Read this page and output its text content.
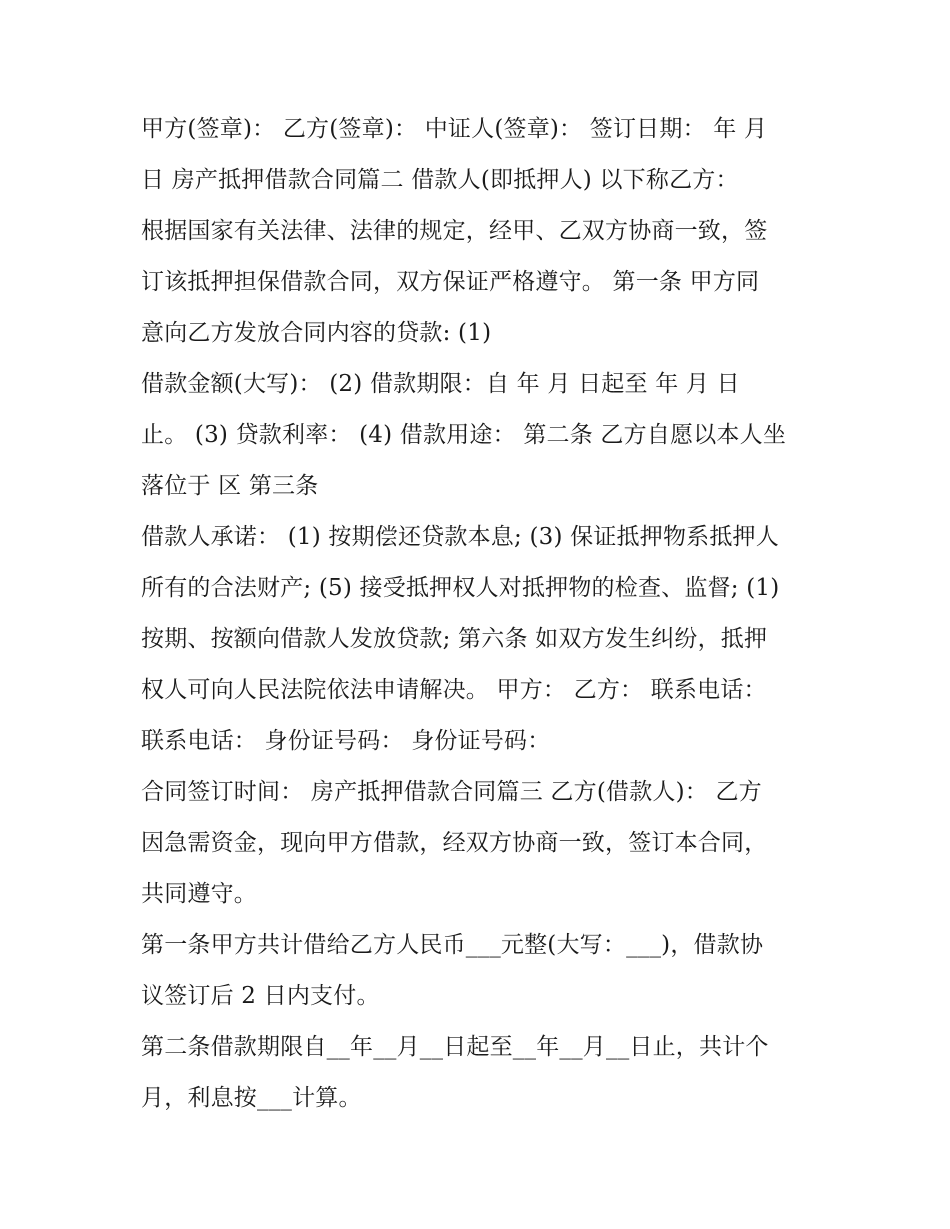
甲方(签章)： 乙方(签章)： 中证人(签章)： 签订日期： 年 月
日 房产抵押借款合同篇二 借款人(即抵押人) 以下称乙方：
根据国家有关法律、法律的规定，经甲、乙双方协商一致，签
订该抵押担保借款合同，双方保证严格遵守。 第一条 甲方同
意向乙方发放合同内容的贷款: (1)
借款金额(大写)： (2) 借款期限：自 年 月 日起至 年 月 日
止。 (3) 贷款利率： (4) 借款用途： 第二条 乙方自愿以本人坐
落位于 区 第三条
借款人承诺： (1) 按期偿还贷款本息; (3) 保证抵押物系抵押人
所有的合法财产; (5) 接受抵押权人对抵押物的检查、监督; (1)
按期、按额向借款人发放贷款; 第六条 如双方发生纠纷，抵押
权人可向人民法院依法申请解决。 甲方： 乙方： 联系电话：
联系电话： 身份证号码： 身份证号码：
合同签订时间： 房产抵押借款合同篇三 乙方(借款人)： 乙方
因急需资金，现向甲方借款，经双方协商一致，签订本合同，
共同遵守。
第一条甲方共计借给乙方人民币___元整(大写：___)，借款协
议签订后 2 日内支付。
第二条借款期限自__年__月__日起至__年__月__日止，共计个
月，利息按___计算。
